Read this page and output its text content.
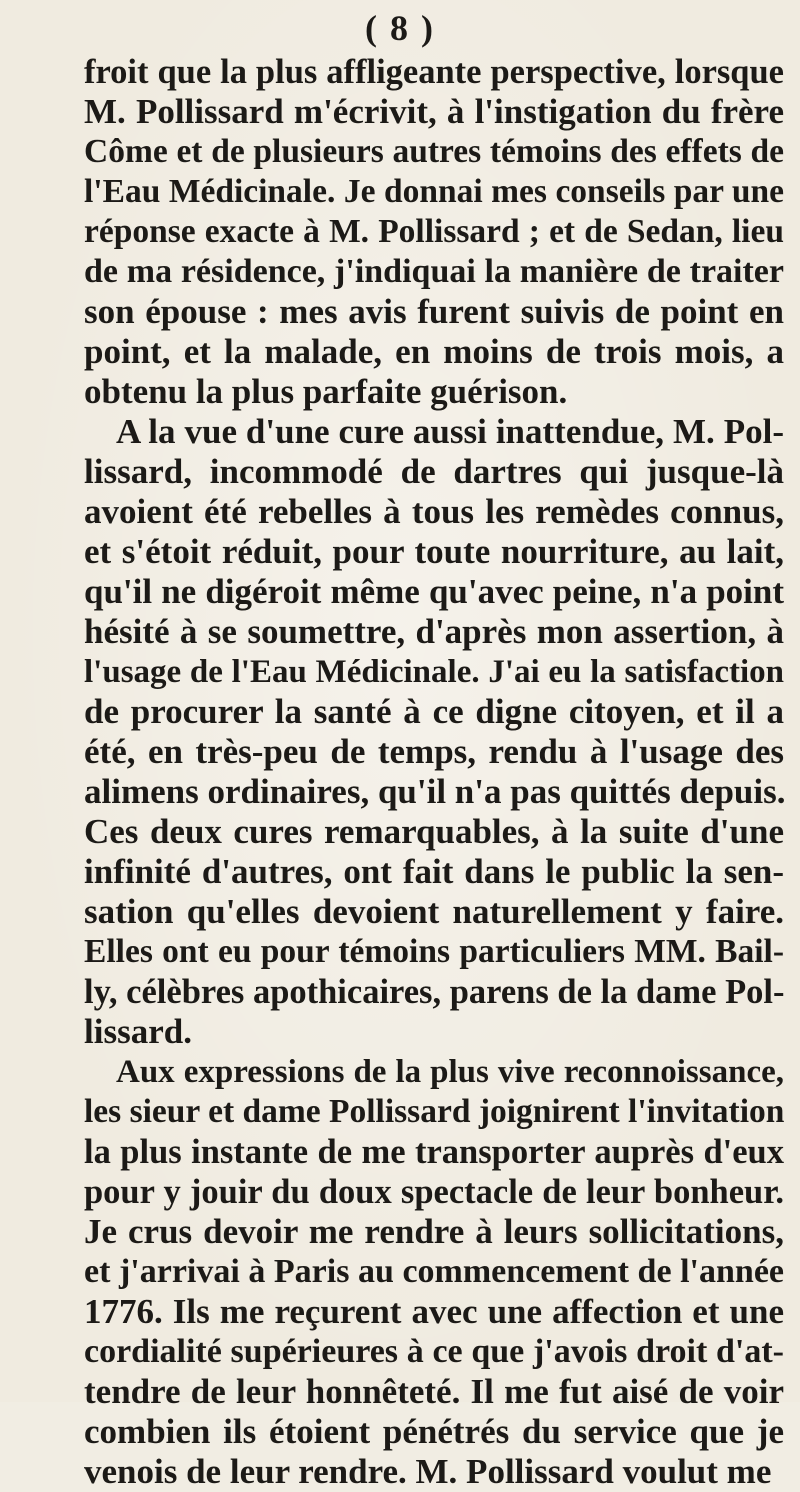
( 8 )
froit que la plus affligeante perspective, lorsque
M. Pollissard m'écrivit, à l'instigation du frère
Côme et de plusieurs autres témoins des effets de
l'Eau Médicinale. Je donnai mes conseils par une
réponse exacte à M. Pollissard ; et de Sedan, lieu
de ma résidence, j'indiquai la manière de traiter
son épouse : mes avis furent suivis de point en
point, et la malade, en moins de trois mois, a
obtenu la plus parfaite guérison.
A la vue d'une cure aussi inattendue, M. Pol-
lissard, incommodé de dartres qui jusque-là
avoient été rebelles à tous les remèdes connus,
et s'étoit réduit, pour toute nourriture, au lait,
qu'il ne digéroit même qu'avec peine, n'a point
hésité à se soumettre, d'après mon assertion, à
l'usage de l'Eau Médicinale. J'ai eu la satisfaction
de procurer la santé à ce digne citoyen, et il a
été, en très-peu de temps, rendu à l'usage des
alimens ordinaires, qu'il n'a pas quittés depuis.
Ces deux cures remarquables, à la suite d'une
infinité d'autres, ont fait dans le public la sen-
sation qu'elles devoient naturellement y faire.
Elles ont eu pour témoins particuliers MM. Bail-
ly, célèbres apothicaires, parens de la dame Pol-
lissard.
Aux expressions de la plus vive reconnoissance,
les sieur et dame Pollissard joignirent l'invitation
la plus instante de me transporter auprès d'eux
pour y jouir du doux spectacle de leur bonheur.
Je crus devoir me rendre à leurs sollicitations,
et j'arrivai à Paris au commencement de l'année
1776. Ils me reçurent avec une affection et une
cordialité supérieures à ce que j'avois droit d'at-
tendre de leur honnêteté. Il me fut aisé de voir
combien ils étoient pénétrés du service que je
venois de leur rendre. M. Pollissard voulut me
